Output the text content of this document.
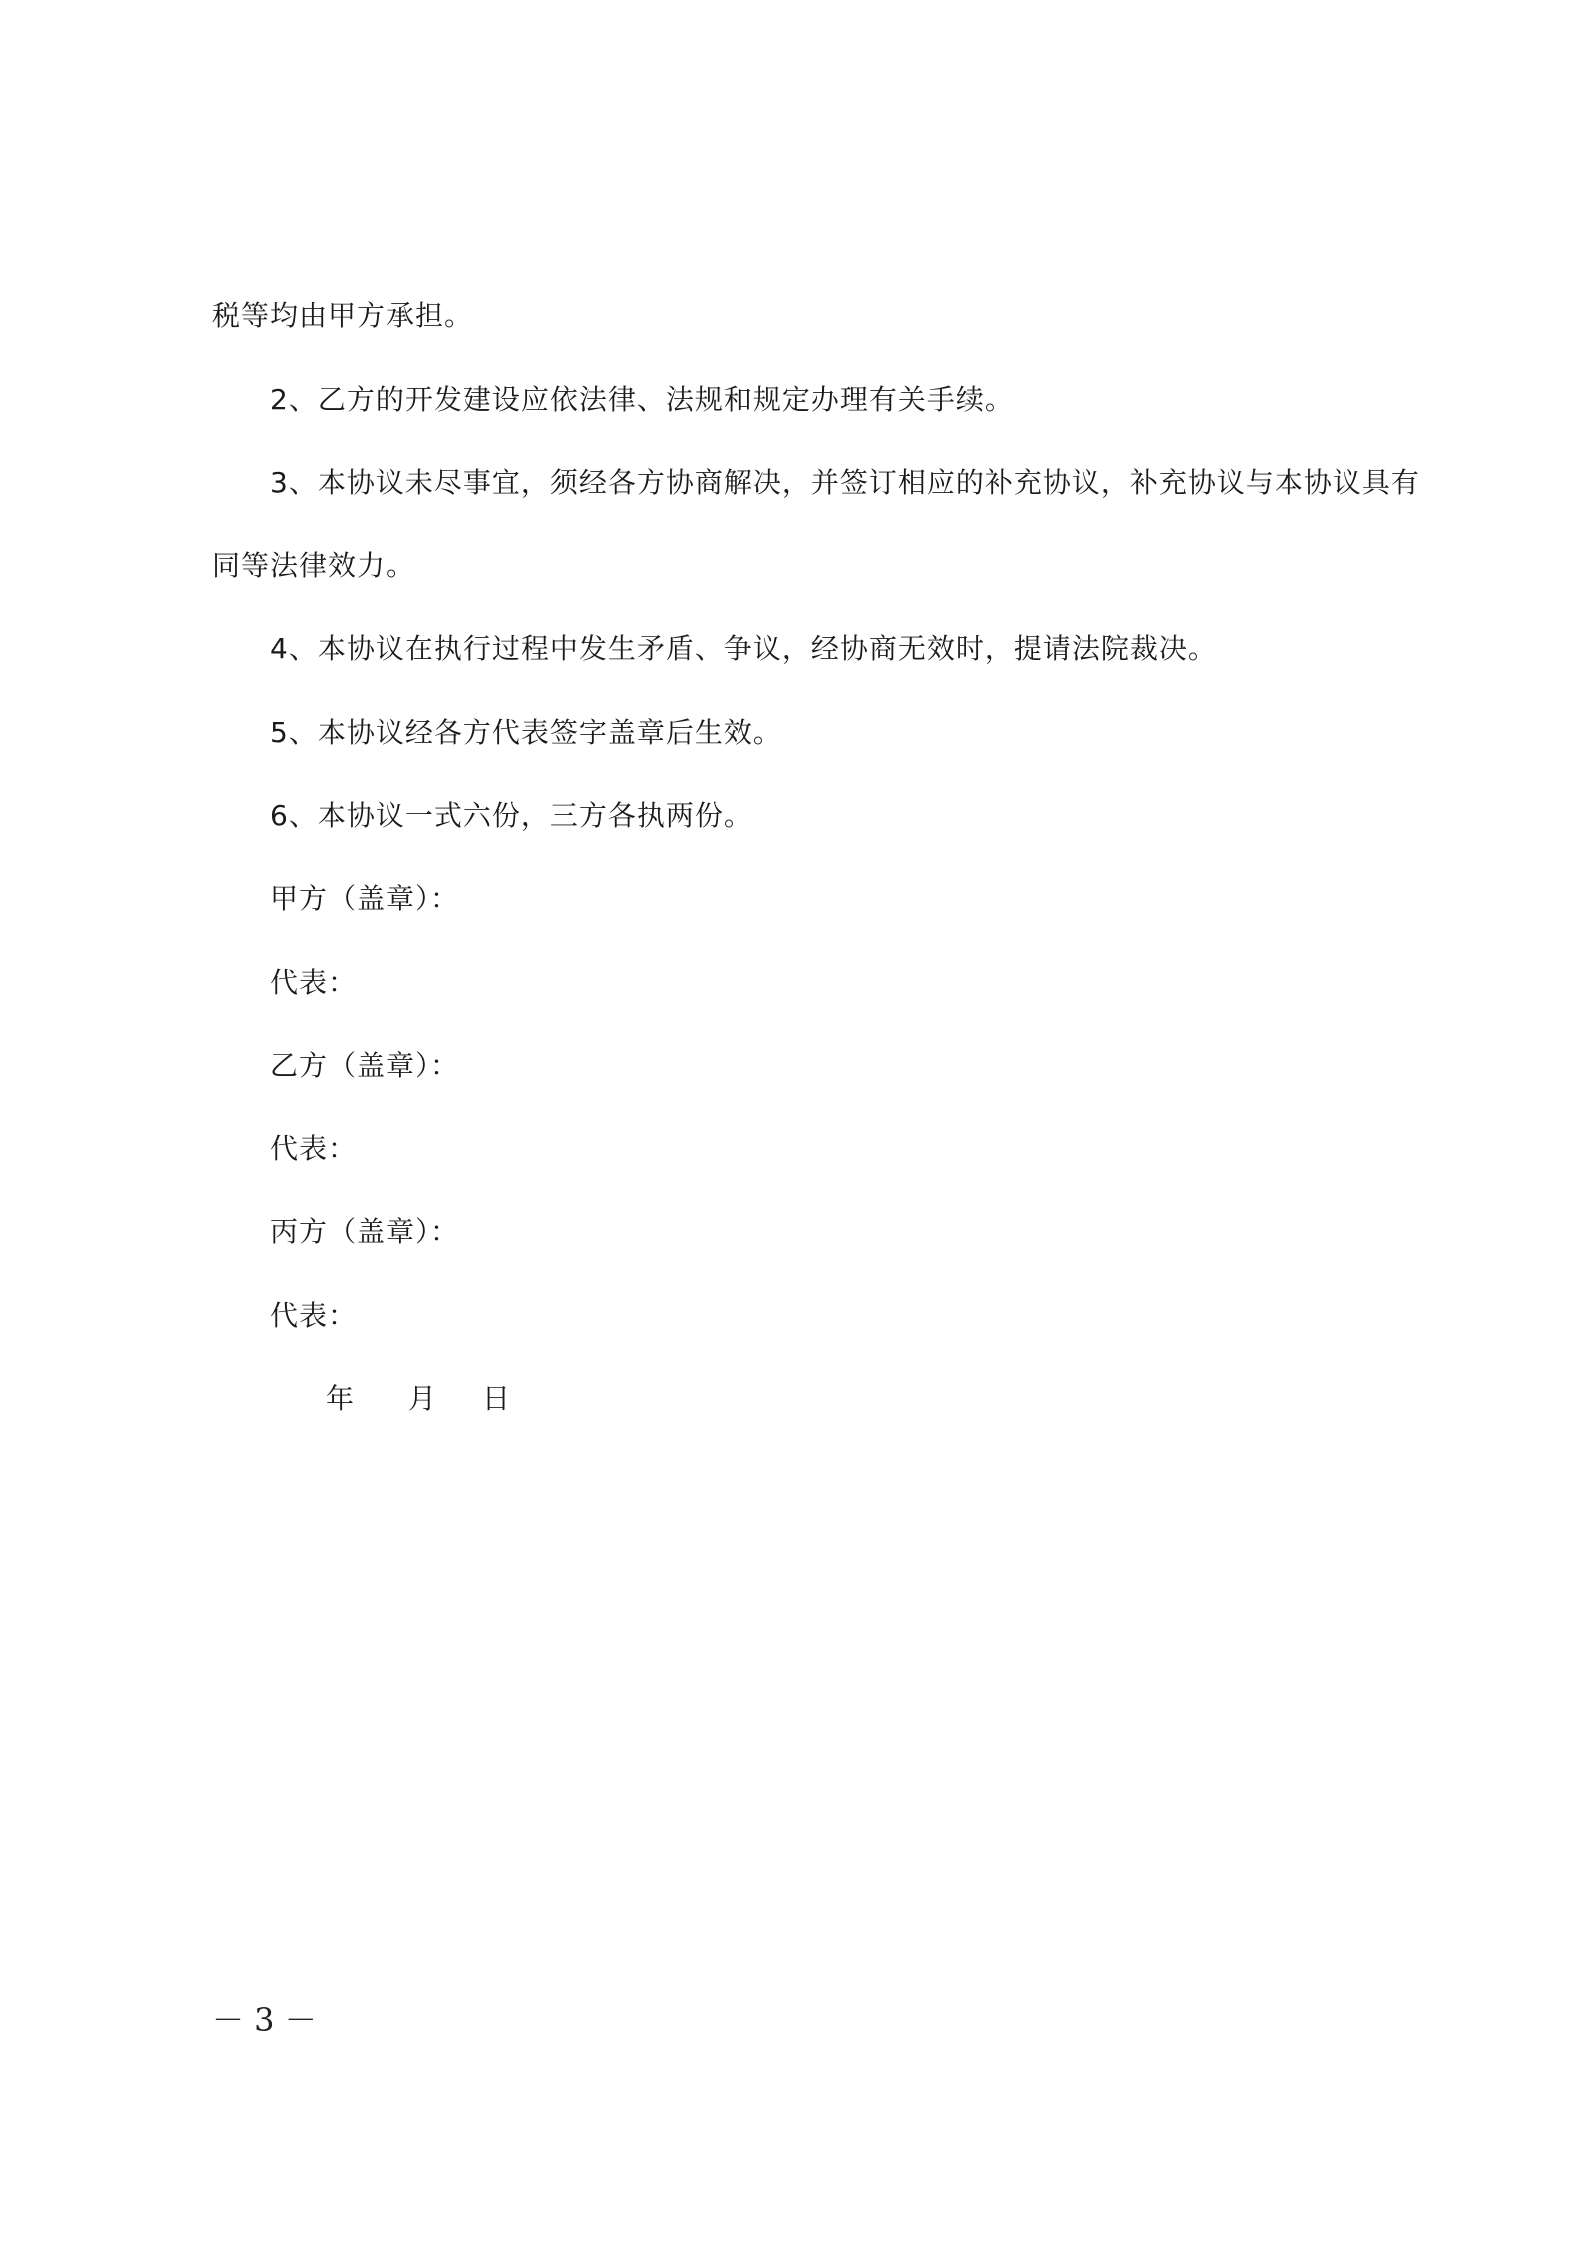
税等均由甲方承担。
2、乙方的开发建设应依法律、法规和规定办理有关手续。
3、本协议未尽事宜，须经各方协商解决，并签订相应的补充协议，补充协议与本协议具有
同等法律效力。
4、本协议在执行过程中发生矛盾、争议，经协商无效时，提请法院裁决。
5、本协议经各方代表签字盖章后生效。
6、本协议一式六份，三方各执两份。
甲方（盖章）：
代表：
乙方（盖章）：
代表：
丙方（盖章）：
代表：
年	月	日
－ 3 －
